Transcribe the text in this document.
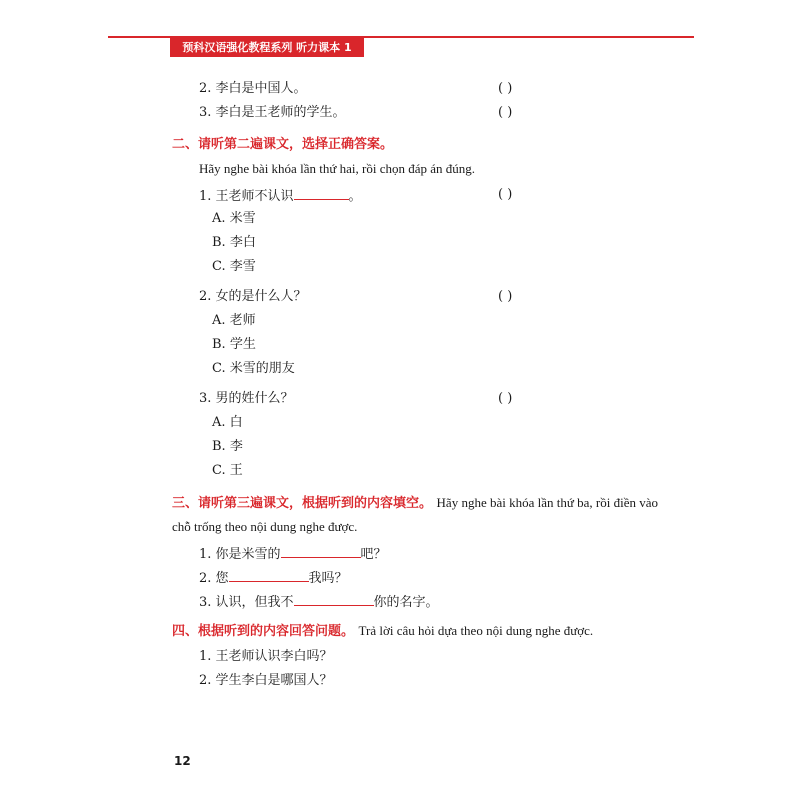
预科汉语强化教程系列 听力课本 1
2. 李白是中国人。	( )
3. 李白是王老师的学生。	( )
二、请听第二遍课文，选择正确答案。
Hãy nghe bài khóa lần thứ hai, rồi chọn đáp án đúng.
1. 王老师不认识	。	( )
A. 米雪
B. 李白
C. 李雪
2. 女的是什么人？	( )
A. 老师
B. 学生
C. 米雪的朋友
3. 男的姓什么？	( )
A. 白
B. 李
C. 王
三、请听第三遍课文，根据听到的内容填空。 Hãy nghe bài khóa lần thứ ba, rồi điền vào
chỗ trống theo nội dung nghe được.
1. 你是米雪的	吧？
2. 您	我吗？
3. 认识，但我不	你的名字。
四、根据听到的内容回答问题。 Trả lời câu hỏi dựa theo nội dung nghe được.
1. 王老师认识李白吗？
2. 学生李白是哪国人？
12
